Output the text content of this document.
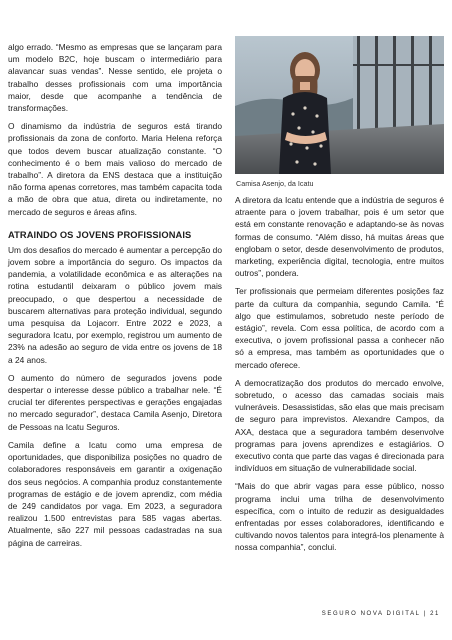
algo errado. “Mesmo as empresas que se lançaram para um modelo B2C, hoje buscam o intermediário para alavancar suas vendas”. Nesse sentido, ele projeta o trabalho desses profissionais com uma importância maior, desde que acompanhe a tendência de transformações.

O dinamismo da indústria de seguros está tirando profissionais da zona de conforto. Maria Helena reforça que todos devem buscar atualização constante. “O conhecimento é o bem mais valioso do mercado de trabalho”. A diretora da ENS destaca que a instituição não forma apenas corretores, mas também capacita toda a mão de obra que atua, direta ou indiretamente, no mercado de seguros e áreas afins.

ATRAINDO OS JOVENS PROFISSIONAIS

Um dos desafios do mercado é aumentar a percepção do jovem sobre a importância do seguro. Os impactos da pandemia, a volatilidade econômica e as alterações na rotina estudantil deixaram o público jovem mais preocupado, o que despertou a necessidade de buscarem alternativas para proteção individual, segundo uma pesquisa da Lojacorr. Entre 2022 e 2023, a seguradora Icatu, por exemplo, registrou um aumento de 23% na adesão ao seguro de vida entre os jovens de 18 a 24 anos.

O aumento do número de segurados jovens pode despertar o interesse desse público a trabalhar nele. “É crucial ter diferentes perspectivas e gerações engajadas no mercado segurador”, destaca Camila Asenjo, Diretora de Pessoas na Icatu Seguros.

Camila define a Icatu como uma empresa de oportunidades, que disponibiliza posições no quadro de colaboradores responsáveis em garantir a oxigenação dos seus negócios. A companhia produz constantemente programas de estágio e de jovem aprendiz, com média de 249 candidatos por vaga. Em 2023, a seguradora realizou 1.500 entrevistas para 585 vagas abertas. Atualmente, são 227 mil pessoas cadastradas na sua página de carreiras.

Camisa Asenjo, da Icatu

A diretora da Icatu entende que a indústria de seguros é atraente para o jovem trabalhar, pois é um setor que está em constante renovação e adaptando-se às novas formas de consumo. “Além disso, há muitas áreas que englobam o setor, desde desenvolvimento de produtos, marketing, experiência digital, tecnologia, entre muitos outros”, pondera.

Ter profissionais que permeiam diferentes posições faz parte da cultura da companhia, segundo Camila. “É algo que estimulamos, sobretudo neste período de estágio”, revela. Com essa política, de acordo com a executiva, o jovem profissional passa a conhecer não só a empresa, mas também as oportunidades que o mercado oferece.

A democratização dos produtos do mercado envolve, sobretudo, o acesso das camadas sociais mais vulneráveis. Desassistidas, são elas que mais precisam de seguro para imprevistos. Alexandre Campos, da AXA, destaca que a seguradora também desenvolve programas para jovens aprendizes e estagiários. O executivo conta que parte das vagas é direcionada para indivíduos em situação de vulnerabilidade social.

“Mais do que abrir vagas para esse público, nosso programa inclui uma trilha de desenvolvimento específica, com o intuito de reduzir as desigualdades enfrentadas por esses colaboradores, identificando e cultivando novos talentos para integrá-los plenamente à nossa companhia”, conclui.

SEGURO NOVA DIGITAL | 21
